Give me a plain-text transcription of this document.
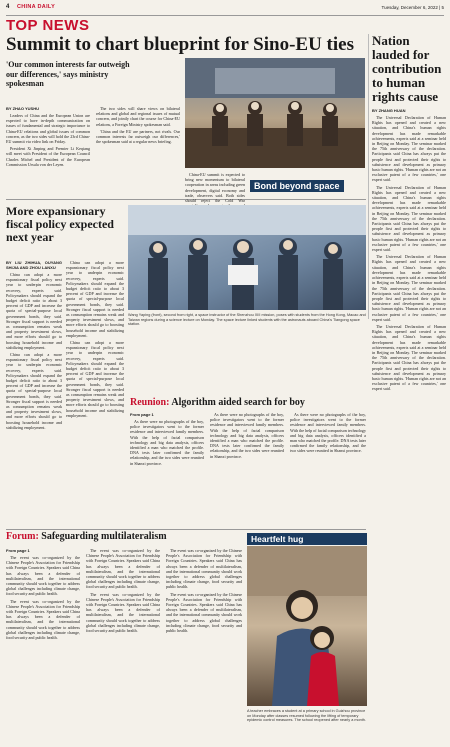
4 CHINA DAILY	Tuesday, December 6, 2022 | 5
TOP NEWS
Summit to chart blueprint for Sino-EU ties
'Our common interests far outweigh our differences,' says ministry spokesman
BY ZHAO YUSHU

Leaders of China and the European Union are expected to have in-depth communication on issues of fundamental and strategic importance to China-EU relations and global issues of common concern, as the two sides will hold the 23rd China-EU summit via video link on Friday.

President Xi Jinping and Premier Li Keqiang will meet with President of the European Council Charles Michel and President of the European Commission Ursula von der Leyen.

The two sides will share views on bilateral relations and global and regional issues of mutual concern, and jointly chart the course for China-EU relations, a Foreign Ministry spokesman said.

'China and the EU are partners, not rivals. Our common interests far outweigh our differences,' the spokesman said at a regular news briefing.

Nation lauded for contribution to human rights cause
BY ZHANG HUAN

The Universal Declaration of Human Rights has opened and created a new situation, and China's human rights development has made remarkable achievements, experts said at a seminar held in Beijing on Monday. The seminar marked the 75th anniversary of the declaration. Participants said China has always put the people first and protected their rights to subsistence and development as primary basic human rights. 'Human rights are not an exclusive patent of a few countries,' one expert said.

The Universal Declaration of Human Rights has opened and created a new situation, and China's human rights development has made remarkable achievements, experts said at a seminar held in Beijing on Monday. The seminar marked the 75th anniversary of the declaration. Participants said China has always put the people first and protected their rights to subsistence and development as primary basic human rights. 'Human rights are not an exclusive patent of a few countries,' one expert said.

The Universal Declaration of Human Rights has opened and created a new situation, and China's human rights development has made remarkable achievements, experts said at a seminar held in Beijing on Monday. The seminar marked the 75th anniversary of the declaration. Participants said China has always put the people first and protected their rights to subsistence and development as primary basic human rights. 'Human rights are not an exclusive patent of a few countries,' one expert said.

The Universal Declaration of Human Rights has opened and created a new situation, and China's human rights development has made remarkable achievements, experts said at a seminar held in Beijing on Monday. The seminar marked the 75th anniversary of the declaration. Participants said China has always put the people first and protected their rights to subsistence and development as primary basic human rights. 'Human rights are not an exclusive patent of a few countries,' one expert said.

More expansionary fiscal policy expected next year
BY LIU ZHIHUA, OUYANG SHIJIA AND ZHOU LANXU

China can adopt a more expansionary fiscal policy next year to underpin economic recovery, experts said. Policymakers should expand the budget deficit ratio to about 3 percent of GDP and increase the quota of special-purpose local government bonds, they said. Stronger fiscal support is needed as consumption remains weak and property investment slows, and more efforts should go to boosting household income and stabilizing employment.

China can adopt a more expansionary fiscal policy next year to underpin economic recovery, experts said. Policymakers should expand the budget deficit ratio to about 3 percent of GDP and increase the quota of special-purpose local government bonds, they said. Stronger fiscal support is needed as consumption remains weak and property investment slows, and more efforts should go to boosting household income and stabilizing employment.

China can adopt a more expansionary fiscal policy next year to underpin economic recovery, experts said. Policymakers should expand the budget deficit ratio to about 3 percent of GDP and increase the quota of special-purpose local government bonds, they said. Stronger fiscal support is needed as consumption remains weak and property investment slows, and more efforts should go to boosting household income and stabilizing employment.

China can adopt a more expansionary fiscal policy next year to underpin economic recovery, experts said. Policymakers should expand the budget deficit ratio to about 3 percent of GDP and increase the quota of special-purpose local government bonds, they said. Stronger fiscal support is needed as consumption remains weak and property investment slows, and more efforts should go to boosting household income and stabilizing employment.

China-EU summit is expected to bring new momentum to bilateral cooperation in areas including green development, digital economy and trade, observers said. Both sides should reject the Cold War

Bond beyond space
Wang Yaping (front), second from right, a space instructor of the Shenzhou XIII mission, poses with students from the Hong Kong, Macao and Taiwan regions during a science lecture on Monday. The space lecture linked students with the astronauts aboard China's Tiangong space station.
Reunion: Algorithm aided search for boy
From page 1

As there were no photographs of the boy, police investigators went to the former residence and interviewed family members. With the help of facial comparison technology and big data analysis, officers identified a man who matched the profile. DNA tests later confirmed the family relationship, and the two sides were reunited in Shanxi province.

As there were no photographs of the boy, police investigators went to the former residence and interviewed family members. With the help of facial comparison technology and big data analysis, officers identified a man who matched the profile. DNA tests later confirmed the family relationship, and the two sides were reunited in Shanxi province.

As there were no photographs of the boy, police investigators went to the former residence and interviewed family members. With the help of facial comparison technology and big data analysis, officers identified a man who matched the profile. DNA tests later confirmed the family relationship, and the two sides were reunited in Shanxi province.

Forum: Safeguarding multilateralism
From page 1

The event was co-organized by the Chinese People's Association for Friendship with Foreign Countries. Speakers said China has always been a defender of multilateralism, and the international community should work together to address global challenges including climate change, food security and public health.

The event was co-organized by the Chinese People's Association for Friendship with Foreign Countries. Speakers said China has always been a defender of multilateralism, and the international community should work together to address global challenges including climate change, food security and public health.

The event was co-organized by the Chinese People's Association for Friendship with Foreign Countries. Speakers said China has always been a defender of multilateralism, and the international community should work together to address global challenges including climate change, food security and public health.

The event was co-organized by the Chinese People's Association for Friendship with Foreign Countries. Speakers said China has always been a defender of multilateralism, and the international community should work together to address global challenges including climate change, food security and public health.

The event was co-organized by the Chinese People's Association for Friendship with Foreign Countries. Speakers said China has always been a defender of multilateralism, and the international community should work together to address global challenges including climate change, food security and public health.

The event was co-organized by the Chinese People's Association for Friendship with Foreign Countries. Speakers said China has always been a defender of multilateralism, and the international community should work together to address global challenges including climate change, food security and public health.

Heartfelt hug
A teacher embraces a student at a primary school in Guizhou province on Monday after classes resumed following the lifting of temporary epidemic control measures. The school reopened after nearly a month.
